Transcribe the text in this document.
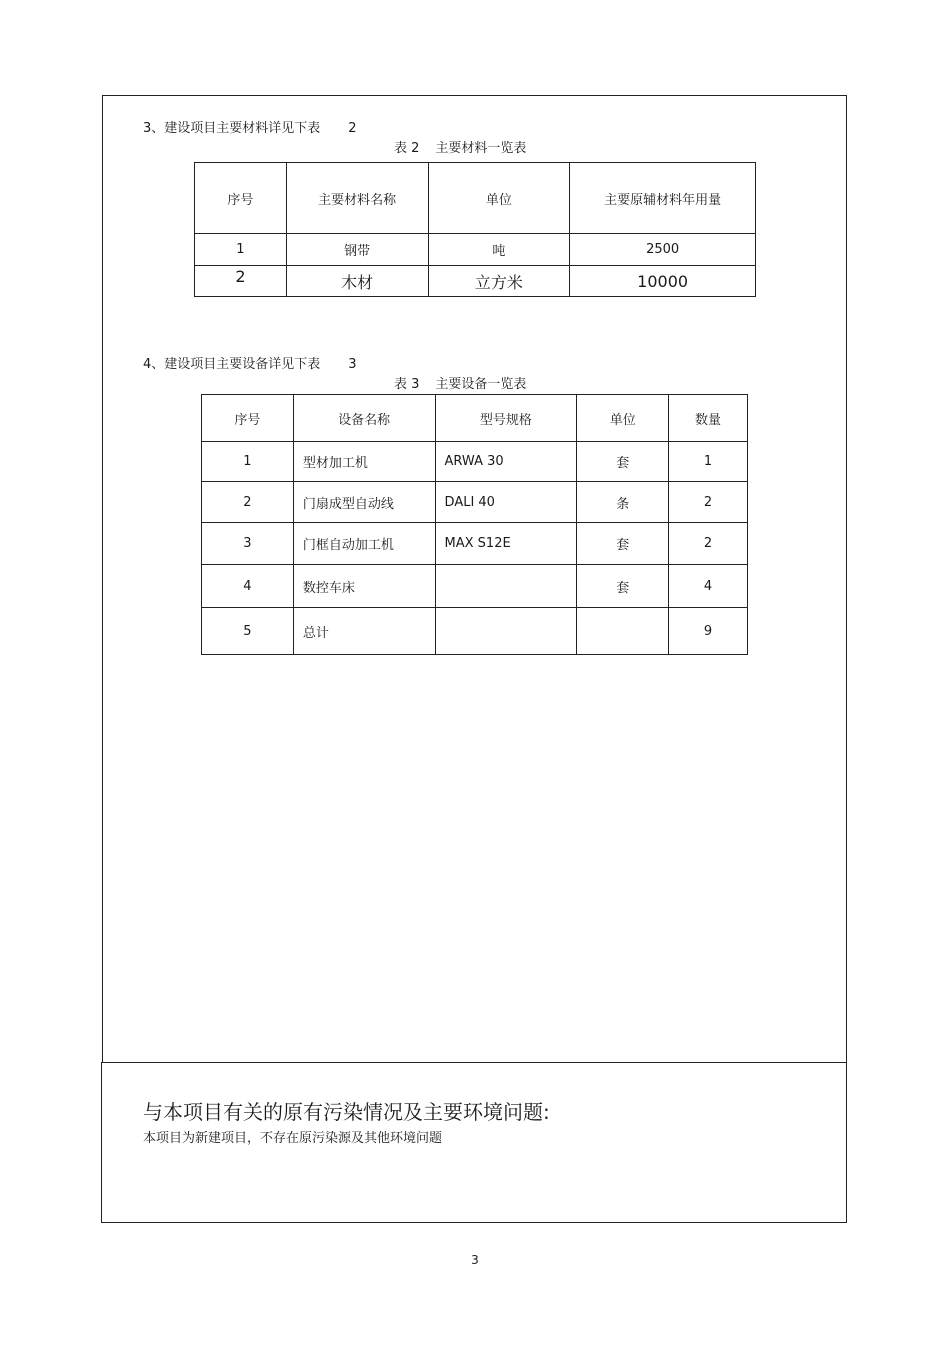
3、建设项目主要材料详见下表 2
表 2 主要材料一览表
序号	主要材料名称	单位	主要原辅材料年用量
1	钢带	吨	2500
2	木材	立方米	10000
4、建设项目主要设备详见下表 3
表 3 主要设备一览表
序号	设备名称	型号规格	单位	数量
1	型材加工机	ARWA 30	套	1
2	门扇成型自动线	DALI 40	条	2
3	门框自动加工机	MAX S12E	套	2
4	数控车床		套	4
5	总计			9
与本项目有关的原有污染情况及主要环境问题:
本项目为新建项目，不存在原污染源及其他环境问题
3
